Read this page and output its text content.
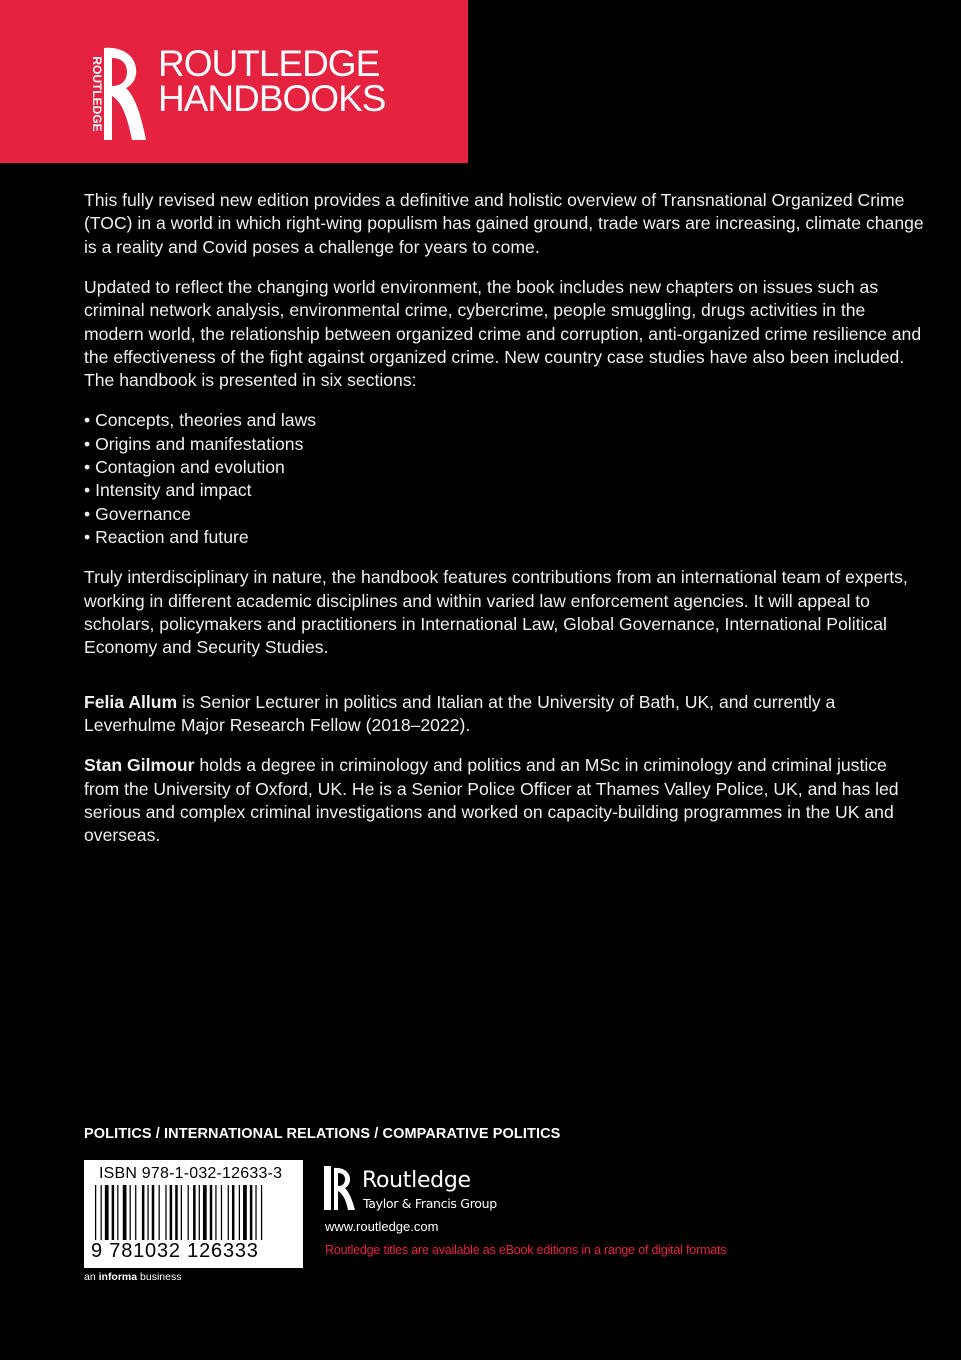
ROUTLEDGE ROUTLEDGE
HANDBOOKS

This fully revised new edition provides a definitive and holistic overview of Transnational Organized Crime (TOC) in a world in which right-wing populism has gained ground, trade wars are increasing, climate change is a reality and Covid poses a challenge for years to come.

Updated to reflect the changing world environment, the book includes new chapters on issues such as criminal network analysis, environmental crime, cybercrime, people smuggling, drugs activities in the modern world, the relationship between organized crime and corruption, anti-organized crime resilience and the effectiveness of the fight against organized crime. New country case studies have also been included. The handbook is presented in six sections:

• Concepts, theories and laws
• Origins and manifestations
• Contagion and evolution
• Intensity and impact
• Governance
• Reaction and future

Truly interdisciplinary in nature, the handbook features contributions from an international team of experts, working in different academic disciplines and within varied law enforcement agencies. It will appeal to scholars, policymakers and practitioners in International Law, Global Governance, International Political Economy and Security Studies.

Felia Allum is Senior Lecturer in politics and Italian at the University of Bath, UK, and currently a Leverhulme Major Research Fellow (2018–2022).

Stan Gilmour holds a degree in criminology and politics and an MSc in criminology and criminal justice from the University of Oxford, UK. He is a Senior Police Officer at Thames Valley Police, UK, and has led serious and complex criminal investigations and worked on capacity-building programmes in the UK and overseas.

POLITICS / INTERNATIONAL RELATIONS / COMPARATIVE POLITICS
ISBN 978-1-032-12633-3
9 781032 126333
an informa business
Routledge
Taylor & Francis Group
www.routledge.com
Routledge titles are available as eBook editions in a range of digital formats
